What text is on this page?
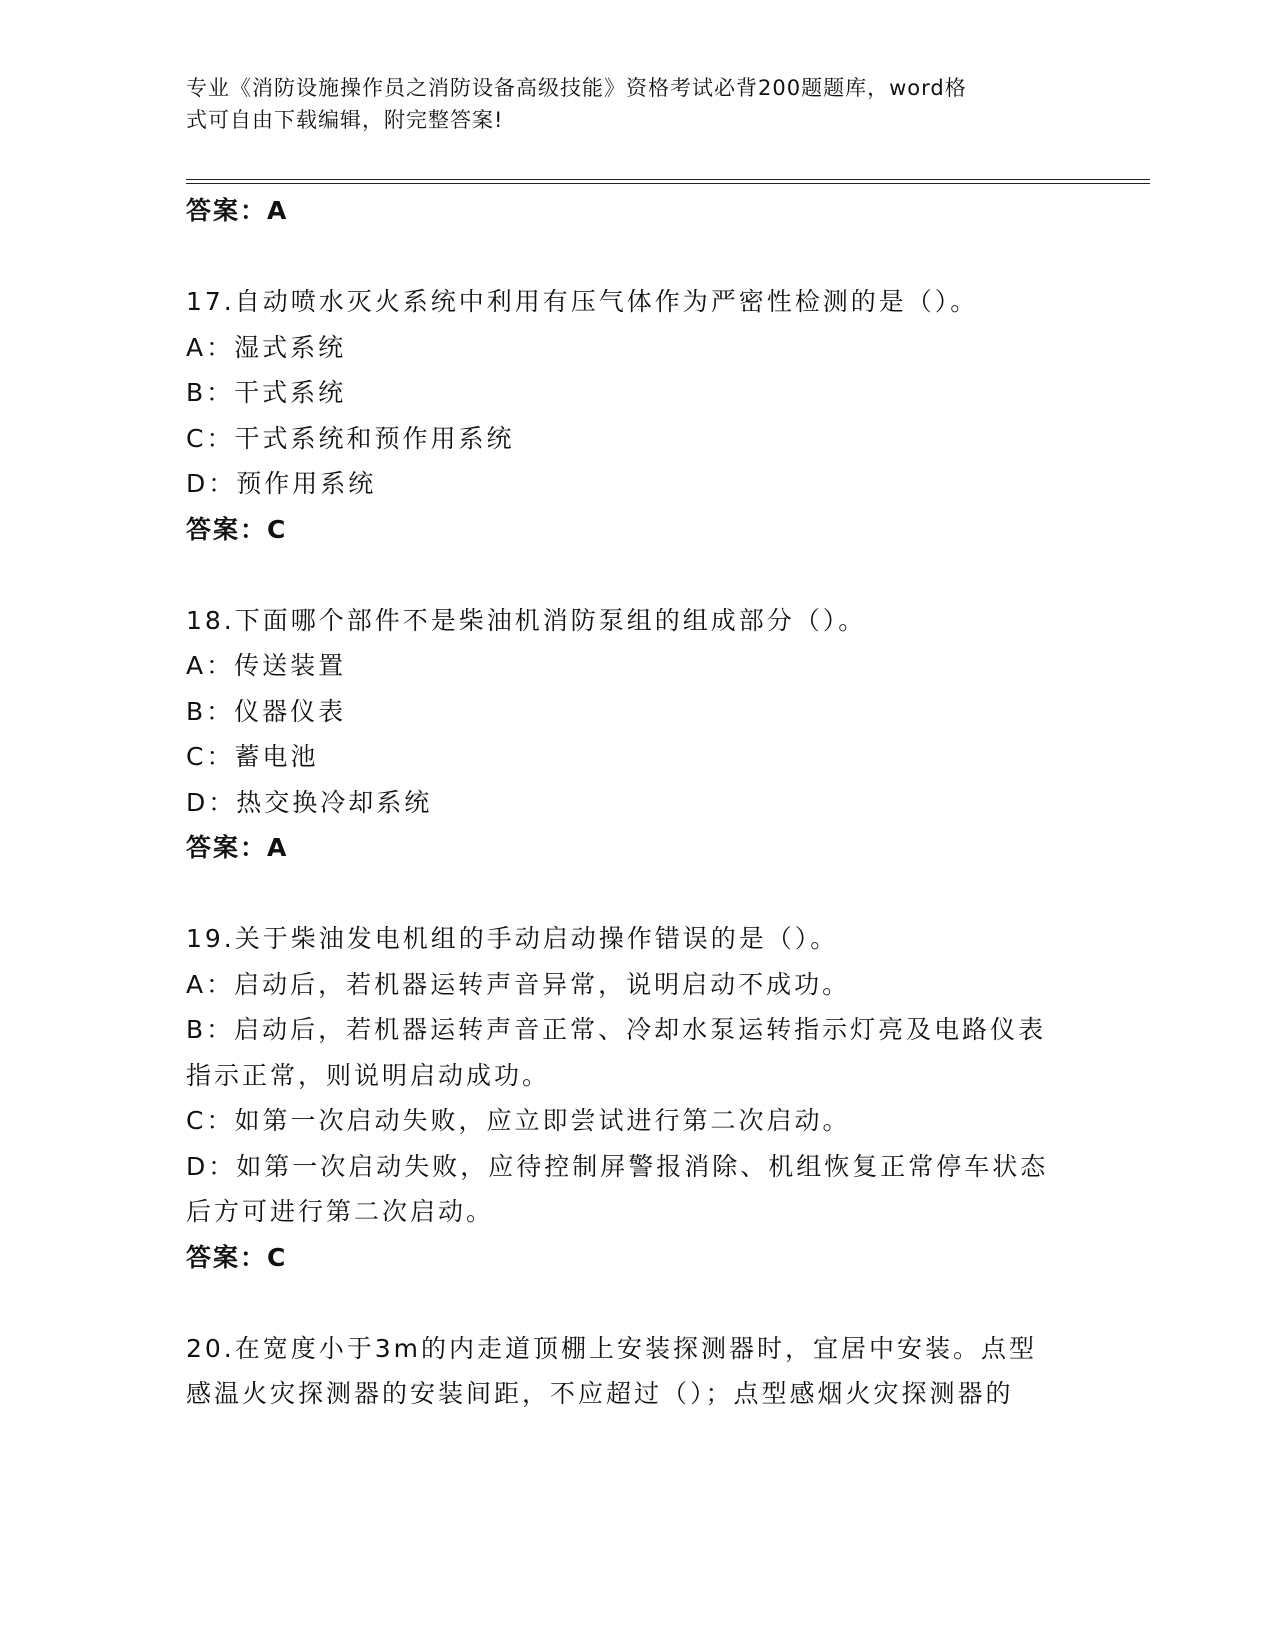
专业《消防设施操作员之消防设备高级技能》资格考试必背200题题库，word格
式可自由下载编辑，附完整答案!
答案：A
17.自动喷水灭火系统中利用有压气体作为严密性检测的是（）。
A：湿式系统
B：干式系统
C：干式系统和预作用系统
D：预作用系统
答案：C
18.下面哪个部件不是柴油机消防泵组的组成部分（）。
A：传送装置
B：仪器仪表
C：蓄电池
D：热交换冷却系统
答案：A
19.关于柴油发电机组的手动启动操作错误的是（）。
A：启动后，若机器运转声音异常，说明启动不成功。
B：启动后，若机器运转声音正常、冷却水泵运转指示灯亮及电路仪表
指示正常，则说明启动成功。
C：如第一次启动失败，应立即尝试进行第二次启动。
D：如第一次启动失败，应待控制屏警报消除、机组恢复正常停车状态
后方可进行第二次启动。
答案：C
20.在宽度小于3m的内走道顶棚上安装探测器时，宜居中安装。点型
感温火灾探测器的安装间距，不应超过（）；点型感烟火灾探测器的
